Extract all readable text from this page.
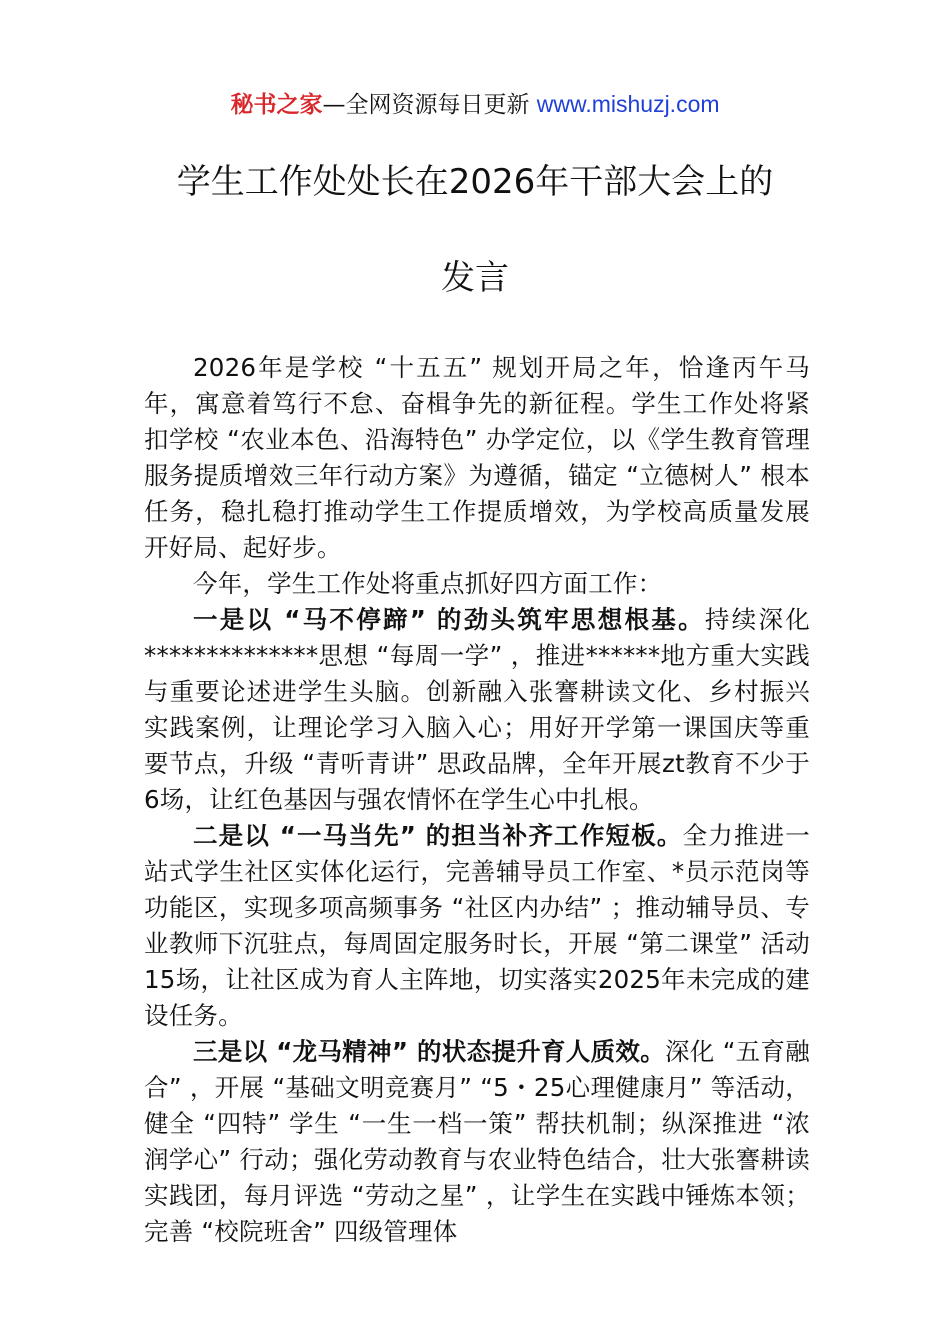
秘书之家—全网资源每日更新 www.mishuzj.com
学生工作处处长在2026年干部大会上的
发言

2026年是学校 “十五五” 规划开局之年，恰逢丙午马年，寓意着笃行不怠、奋楫争先的新征程。学生工作处将紧扣学校 “农业本色、沿海特色” 办学定位，以《学生教育管理服务提质增效三年行动方案》为遵循，锚定 “立德树人” 根本任务，稳扎稳打推动学生工作提质增效，为学校高质量发展开好局、起好步。

今年，学生工作处将重点抓好四方面工作：

一是以 “马不停蹄” 的劲头筑牢思想根基。持续深化**************思想 “每周一学” ，推进******地方重大实践与重要论述进学生头脑。创新融入张謇耕读文化、乡村振兴实践案例，让理论学习入脑入心；用好开学第一课国庆等重要节点，升级 “青听青讲” 思政品牌，全年开展zt教育不少于6场，让红色基因与强农情怀在学生心中扎根。

二是以 “一马当先” 的担当补齐工作短板。全力推进一站式学生社区实体化运行，完善辅导员工作室、*员示范岗等功能区，实现多项高频事务 “社区内办结” ；推动辅导员、专业教师下沉驻点，每周固定服务时长，开展 “第二课堂” 活动15场，让社区成为育人主阵地，切实落实2025年未完成的建设任务。

三是以 “龙马精神” 的状态提升育人质效。深化 “五育融合” ，开展 “基础文明竞赛月” “5・25心理健康月” 等活动，健全 “四特” 学生 “一生一档一策” 帮扶机制；纵深推进 “浓润学心” 行动；强化劳动教育与农业特色结合，壮大张謇耕读实践团，每月评选 “劳动之星” ，让学生在实践中锤炼本领；完善 “校院班舍” 四级管理体
